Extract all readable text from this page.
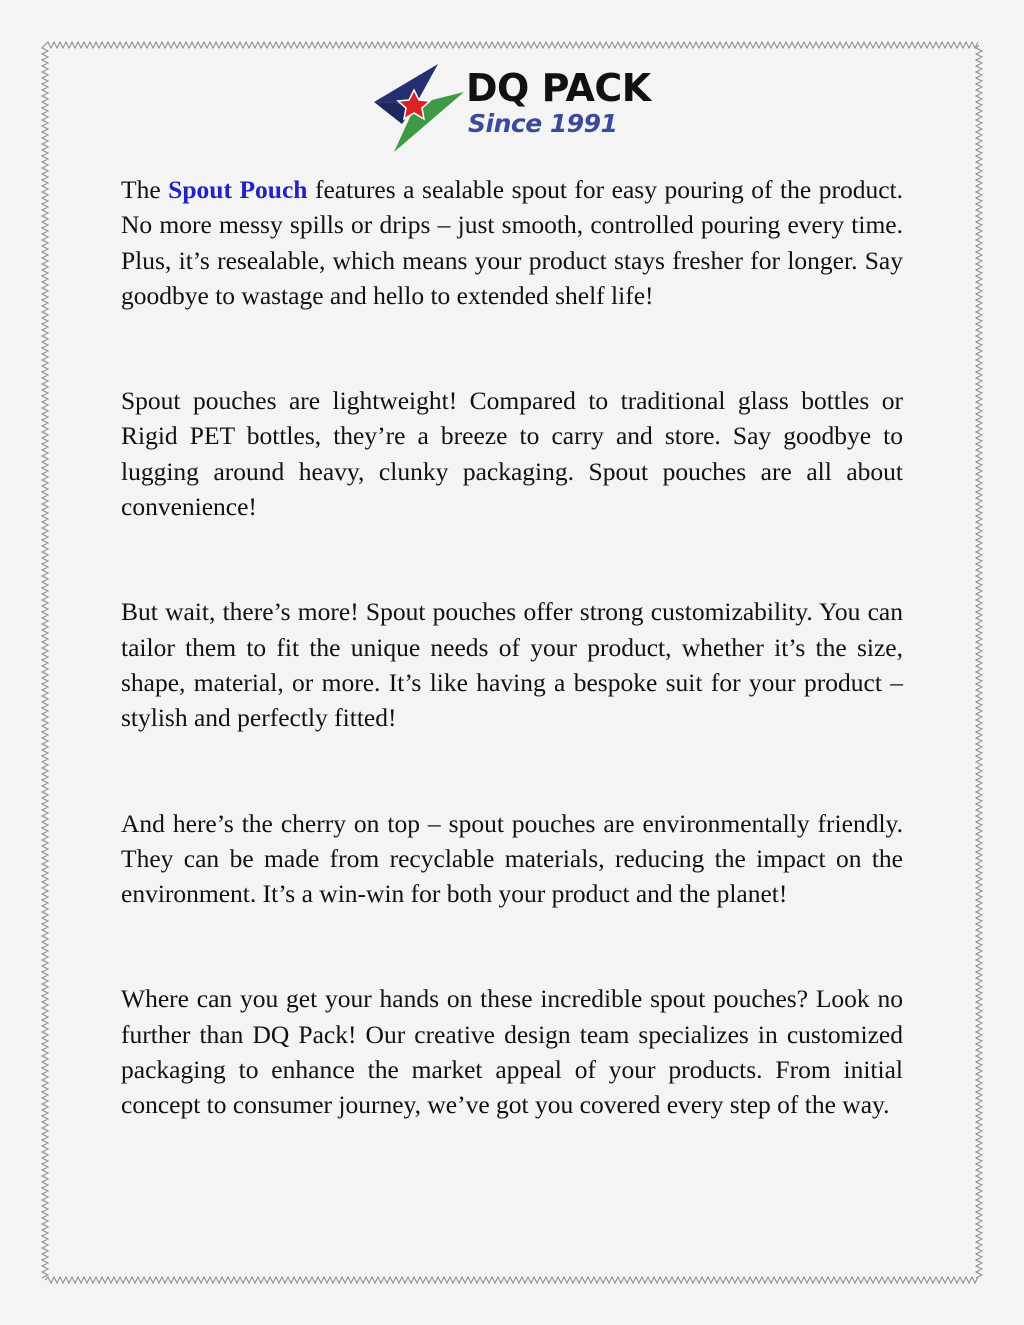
DQ PACK
Since 1991

The Spout Pouch features a sealable spout for easy pouring of the product. No more messy spills or drips – just smooth, controlled pouring every time. Plus, it’s resealable, which means your product stays fresher for longer. Say goodbye to wastage and hello to extended shelf life!

Spout pouches are lightweight! Compared to traditional glass bottles or Rigid PET bottles, they’re a breeze to carry and store. Say goodbye to lugging around heavy, clunky packaging. Spout pouches are all about convenience!

But wait, there’s more! Spout pouches offer strong customizability. You can tailor them to fit the unique needs of your product, whether it’s the size, shape, material, or more. It’s like having a bespoke suit for your product – stylish and perfectly fitted!

And here’s the cherry on top – spout pouches are environmentally friendly. They can be made from recyclable materials, reducing the impact on the environment. It’s a win-win for both your product and the planet!

Where can you get your hands on these incredible spout pouches? Look no further than DQ Pack! Our creative design team specializes in customized packaging to enhance the market appeal of your products. From initial concept to consumer journey, we’ve got you covered every step of the way.
